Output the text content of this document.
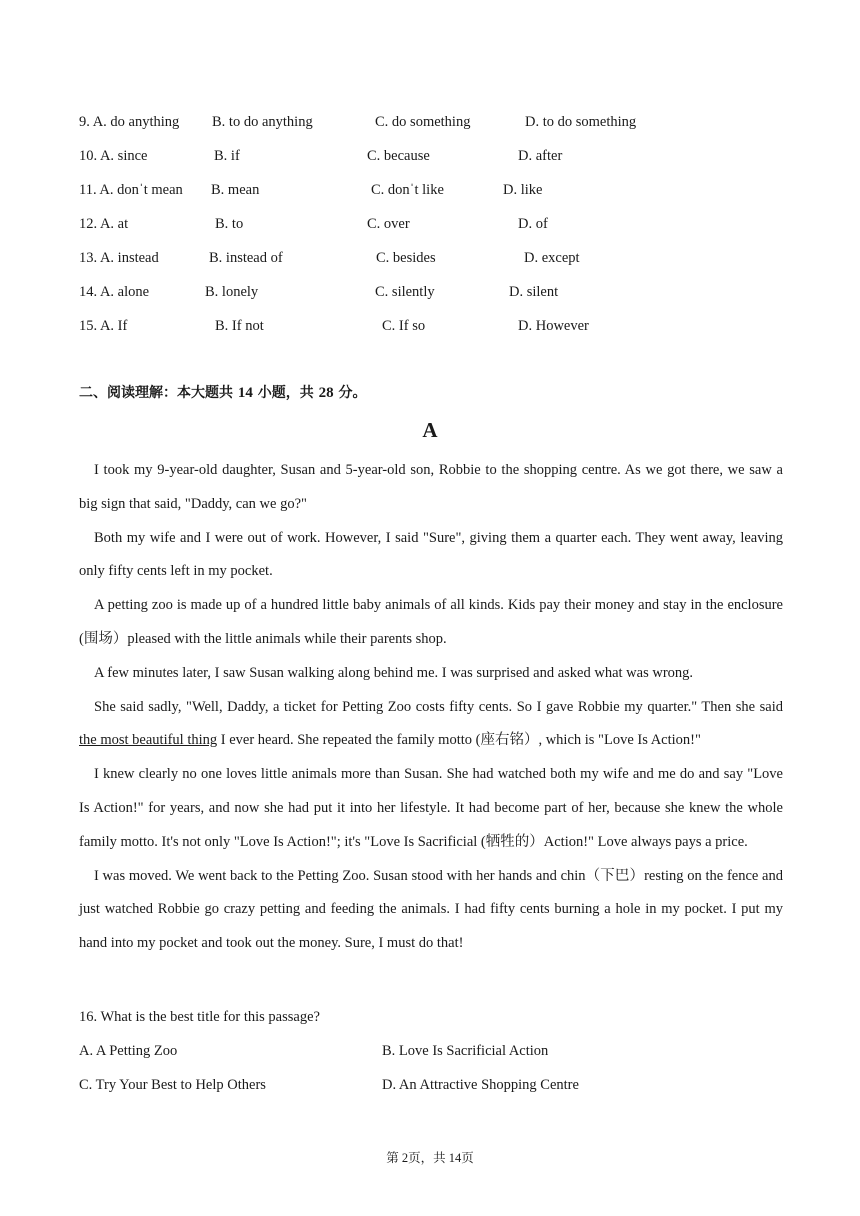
9. A. do anything B. to do anything	C. do something	D. to do something
10. A. since	B. if	C. because	D. after
11. A. donˈt mean B. mean	C. donˈt like	D. like
12. A. at	B. to	C. over	D. of
13. A. instead	B. instead of	C. besides	D. except
14. A. alone	B. lonely	C. silently	D. silent
15. A. If	B. If not	C. If so	D. However
二、阅读理解：本大题共 14 小题，共 28 分。
A

I took my 9-year-old daughter, Susan and 5-year-old son, Robbie to the shopping centre. As we got there, we saw a big sign that said, "Daddy, can we go?"

Both my wife and I were out of work. However, I said "Sure", giving them a quarter each. They went away, leaving only fifty cents left in my pocket.

A petting zoo is made up of a hundred little baby animals of all kinds. Kids pay their money and stay in the enclosure (围场）pleased with the little animals while their parents shop.

A few minutes later, I saw Susan walking along behind me. I was surprised and asked what was wrong.

She said sadly, "Well, Daddy, a ticket for Petting Zoo costs fifty cents. So I gave Robbie my quarter." Then she said the most beautiful thing I ever heard. She repeated the family motto (座右铭）, which is "Love Is Action!"

I knew clearly no one loves little animals more than Susan. She had watched both my wife and me do and say "Love Is Action!" for years, and now she had put it into her lifestyle. It had become part of her, because she knew the whole family motto. It's not only "Love Is Action!"; it's "Love Is Sacrificial (牺牲的）Action!" Love always pays a price.

I was moved. We went back to the Petting Zoo. Susan stood with her hands and chin（下巴）resting on the fence and just watched Robbie go crazy petting and feeding the animals. I had fifty cents burning a hole in my pocket. I put my hand into my pocket and took out the money. Sure, I must do that!

16. What is the best title for this passage?
A. A Petting Zoo	B. Love Is Sacrificial Action
C. Try Your Best to Help Others	D. An Attractive Shopping Centre
第 2页，共 14页
